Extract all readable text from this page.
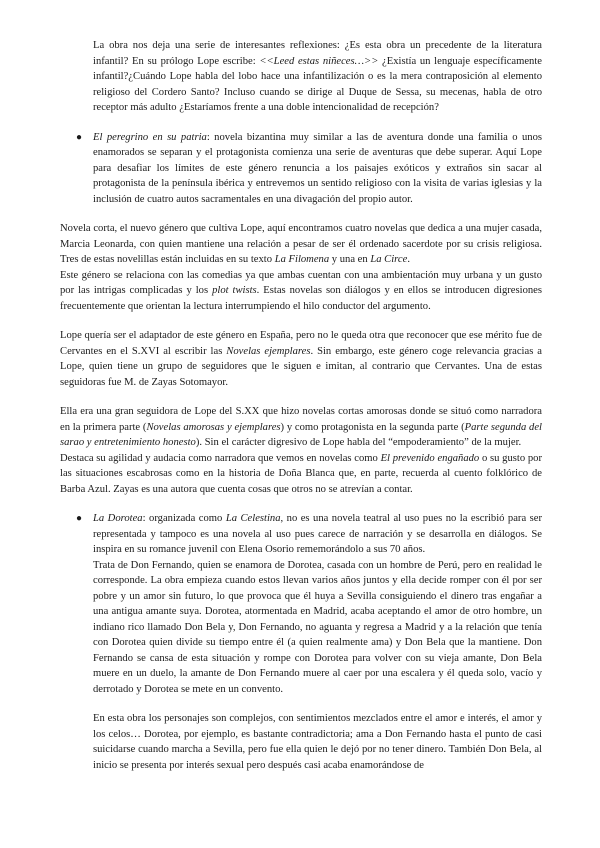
La obra nos deja una serie de interesantes reflexiones: ¿Es esta obra un precedente de la literatura infantil? En su prólogo Lope escribe: <<Leed estas niñeces…>> ¿Existía un lenguaje específicamente infantil?¿Cuándo Lope habla del lobo hace una infantilización o es la mera contraposición al elemento religioso del Cordero Santo? Incluso cuando se dirige al Duque de Sessa, su mecenas, habla de otro receptor más adulto ¿Estaríamos frente a una doble intencionalidad de recepción?

● El peregrino en su patria: novela bizantina muy similar a las de aventura donde una familia o unos enamorados se separan y el protagonista comienza una serie de aventuras que debe superar. Aquí Lope para desafiar los límites de este género renuncia a los paisajes exóticos y extraños sin sacar al protagonista de la península ibérica y entrevemos un sentido religioso con la visita de varias iglesias y la inclusión de cuatro autos sacramentales en una divagación del propio autor.

Novela corta, el nuevo género que cultiva Lope, aquí encontramos cuatro novelas que dedica a una mujer casada, Marcia Leonarda, con quien mantiene una relación a pesar de ser él ordenado sacerdote por su crisis religiosa. Tres de estas novelillas están incluidas en su texto La Filomena y una en La Circe.

Este género se relaciona con las comedias ya que ambas cuentan con una ambientación muy urbana y un gusto por las intrigas complicadas y los plot twists. Estas novelas son diálogos y en ellos se introducen digresiones frecuentemente que orientan la lectura interrumpiendo el hilo conductor del argumento.

Lope quería ser el adaptador de este género en España, pero no le queda otra que reconocer que ese mérito fue de Cervantes en el S.XVI al escribir las Novelas ejemplares. Sin embargo, este género coge relevancia gracias a Lope, quien tiene un grupo de seguidores que le siguen e imitan, al contrario que Cervantes. Una de estas seguidoras fue M. de Zayas Sotomayor.

Ella era una gran seguidora de Lope del S.XX que hizo novelas cortas amorosas donde se situó como narradora en la primera parte (Novelas amorosas y ejemplares) y como protagonista en la segunda parte (Parte segunda del sarao y entretenimiento honesto). Sin el carácter digresivo de Lope habla del “empoderamiento” de la mujer.

Destaca su agilidad y audacia como narradora que vemos en novelas como El prevenido engañado o su gusto por las situaciones escabrosas como en la historia de Doña Blanca que, en parte, recuerda al cuento folklórico de Barba Azul. Zayas es una autora que cuenta cosas que otros no se atrevían a contar.

● La Dorotea: organizada como La Celestina, no es una novela teatral al uso pues no la escribió para ser representada y tampoco es una novela al uso pues carece de narración y se desarrolla en diálogos. Se inspira en su romance juvenil con Elena Osorio rememorándolo a sus 70 años.

Trata de Don Fernando, quien se enamora de Dorotea, casada con un hombre de Perú, pero en realidad le corresponde. La obra empieza cuando estos llevan varios años juntos y ella decide romper con él por ser pobre y un amor sin futuro, lo que provoca que él huya a Sevilla consiguiendo el dinero tras engañar a una antigua amante suya. Dorotea, atormentada en Madrid, acaba aceptando el amor de otro hombre, un indiano rico llamado Don Bela y, Don Fernando, no aguanta y regresa a Madrid y a la relación que tenía con Dorotea quien divide su tiempo entre él (a quien realmente ama) y Don Bela que la mantiene. Don Fernando se cansa de esta situación y rompe con Dorotea para volver con su vieja amante, Don Bela muere en un duelo, la amante de Don Fernando muere al caer por una escalera y él queda solo, vacío y derrotado y Dorotea se mete en un convento.

En esta obra los personajes son complejos, con sentimientos mezclados entre el amor e interés, el amor y los celos… Dorotea, por ejemplo, es bastante contradictoria; ama a Don Fernando hasta el punto de casi suicidarse cuando marcha a Sevilla, pero fue ella quien le dejó por no tener dinero. También Don Bela, al inicio se presenta por interés sexual pero después casi acaba enamorándose de
